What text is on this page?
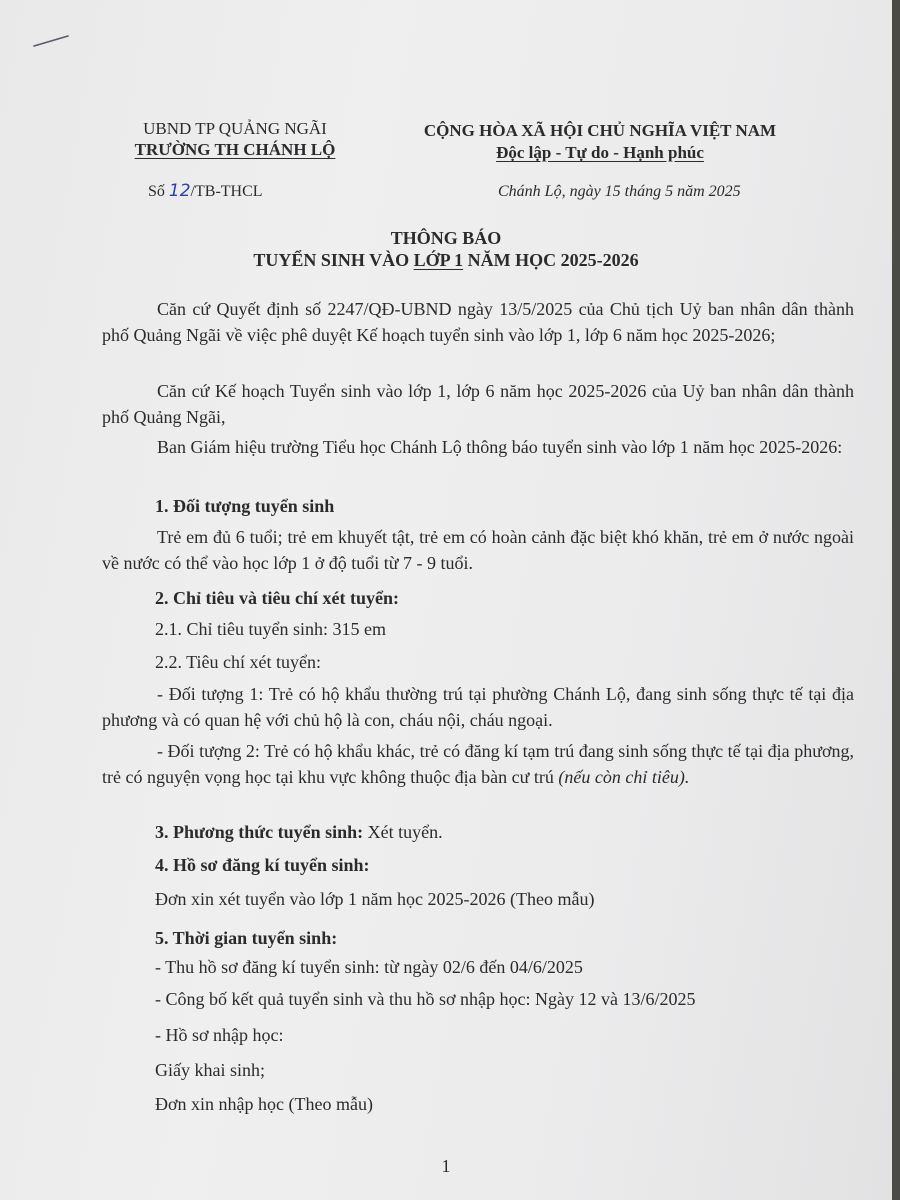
UBND TP QUẢNG NGÃI
TRƯỜNG TH CHÁNH LỘ
CỘNG HÒA XÃ HỘI CHỦ NGHĨA VIỆT NAM
Độc lập - Tự do - Hạnh phúc
Số 12/TB-THCL	Chánh Lộ, ngày 15 tháng 5 năm 2025
THÔNG BÁO
TUYỂN SINH VÀO LỚP 1 NĂM HỌC 2025-2026

Căn cứ Quyết định số 2247/QĐ-UBND ngày 13/5/2025 của Chủ tịch Uỷ ban nhân dân thành phố Quảng Ngãi về việc phê duyệt Kế hoạch tuyển sinh vào lớp 1, lớp 6 năm học 2025-2026;

Căn cứ Kế hoạch Tuyển sinh vào lớp 1, lớp 6 năm học 2025-2026 của Uỷ ban nhân dân thành phố Quảng Ngãi,

Ban Giám hiệu trường Tiểu học Chánh Lộ thông báo tuyển sinh vào lớp 1 năm học 2025-2026:

1. Đối tượng tuyển sinh

Trẻ em đủ 6 tuổi; trẻ em khuyết tật, trẻ em có hoàn cảnh đặc biệt khó khăn, trẻ em ở nước ngoài về nước có thể vào học lớp 1 ở độ tuổi từ 7 - 9 tuổi.

2. Chỉ tiêu và tiêu chí xét tuyển:
2.1. Chỉ tiêu tuyển sinh: 315 em
2.2. Tiêu chí xét tuyển:

- Đối tượng 1: Trẻ có hộ khẩu thường trú tại phường Chánh Lộ, đang sinh sống thực tế tại địa phương và có quan hệ với chủ hộ là con, cháu nội, cháu ngoại.

- Đối tượng 2: Trẻ có hộ khẩu khác, trẻ có đăng kí tạm trú đang sinh sống thực tế tại địa phương, trẻ có nguyện vọng học tại khu vực không thuộc địa bàn cư trú (nếu còn chỉ tiêu).

3. Phương thức tuyển sinh: Xét tuyển.
4. Hồ sơ đăng kí tuyển sinh:
Đơn xin xét tuyển vào lớp 1 năm học 2025-2026 (Theo mẫu)
5. Thời gian tuyển sinh:
- Thu hồ sơ đăng kí tuyển sinh: từ ngày 02/6 đến 04/6/2025
- Công bố kết quả tuyển sinh và thu hồ sơ nhập học: Ngày 12 và 13/6/2025
- Hồ sơ nhập học:
Giấy khai sinh;
Đơn xin nhập học (Theo mẫu)
1
